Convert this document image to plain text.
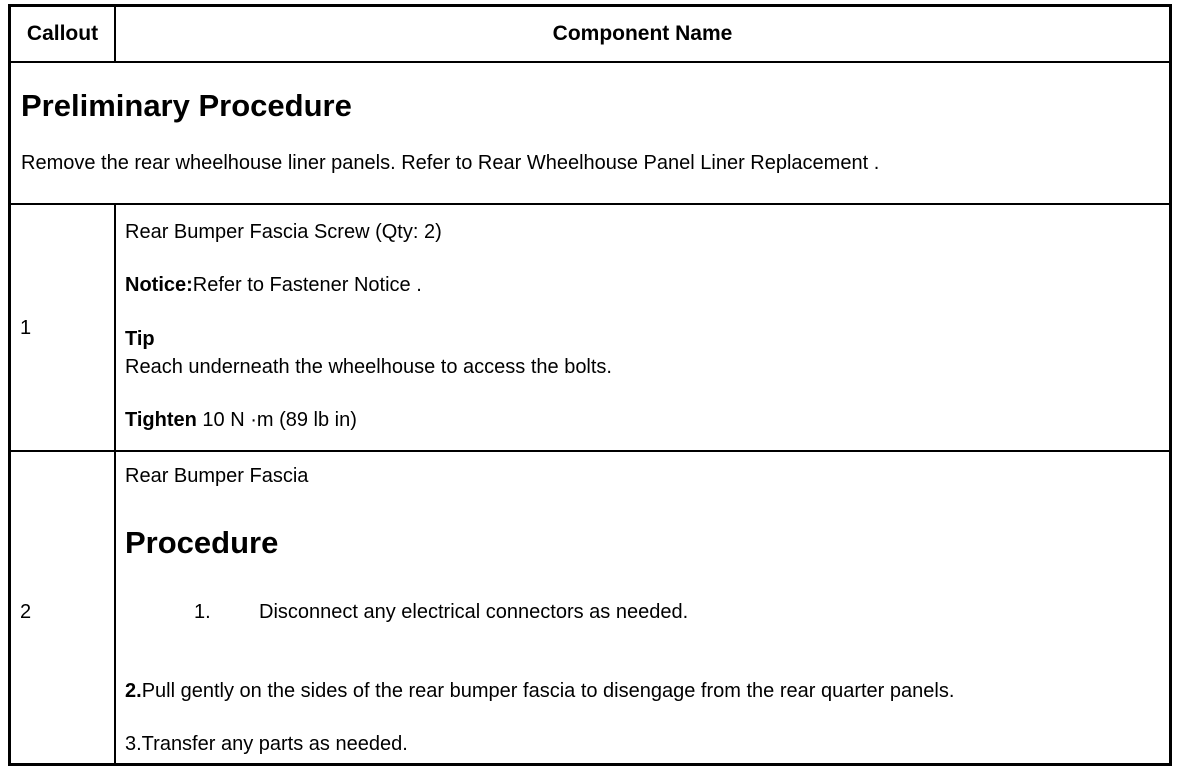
Callout	Component Name
Preliminary Procedure
Remove the rear wheelhouse liner panels. Refer to Rear Wheelhouse Panel Liner Replacement .
1
Rear Bumper Fascia Screw (Qty: 2)
Notice:Refer to Fastener Notice .
Tip
Reach underneath the wheelhouse to access the bolts.
Tighten 10 N ·m (89 lb in)
2
Rear Bumper Fascia
Procedure
1. Disconnect any electrical connectors as needed.
2.Pull gently on the sides of the rear bumper fascia to disengage from the rear quarter panels.
3.Transfer any parts as needed.
